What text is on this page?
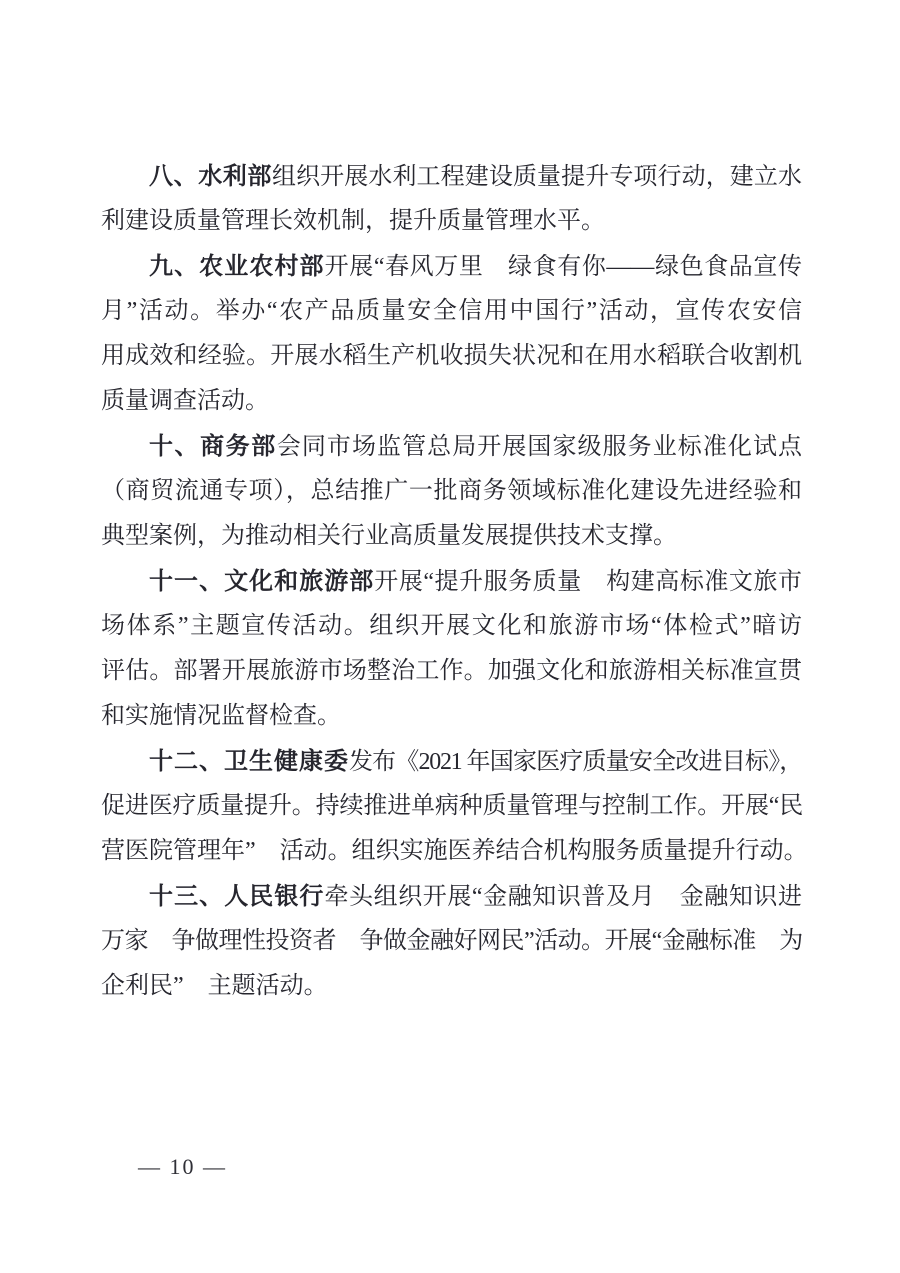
八、水利部组织开展水利工程建设质量提升专项行动，建立水
利建设质量管理长效机制，提升质量管理水平。
九、农业农村部开展“春风万里　绿食有你——绿色食品宣传
月”活动。举办“农产品质量安全信用中国行”活动，宣传农安信
用成效和经验。开展水稻生产机收损失状况和在用水稻联合收割机
质量调查活动。
十、商务部会同市场监管总局开展国家级服务业标准化试点
（商贸流通专项），总结推广一批商务领域标准化建设先进经验和
典型案例，为推动相关行业高质量发展提供技术支撑。
十一、文化和旅游部开展“提升服务质量　构建高标准文旅市
场体系”主题宣传活动。组织开展文化和旅游市场“体检式”暗访
评估。部署开展旅游市场整治工作。加强文化和旅游相关标准宣贯
和实施情况监督检查。
十二、卫生健康委发布《2021 年国家医疗质量安全改进目标》，
促进医疗质量提升。持续推进单病种质量管理与控制工作。开展“民
营医院管理年”　活动。组织实施医养结合机构服务质量提升行动。
十三、人民银行牵头组织开展“金融知识普及月　金融知识进
万家　争做理性投资者　争做金融好网民”活动。开展“金融标准　为
企利民”　主题活动。
— 10 —
